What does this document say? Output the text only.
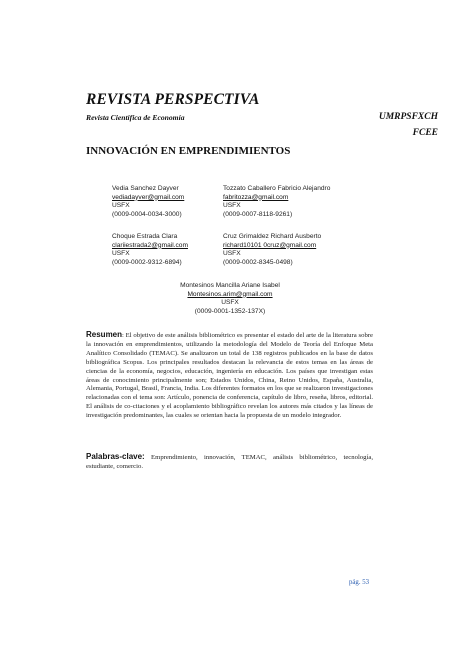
REVISTA PERSPECTIVA
Revista Científica de Economía	UMRPSFXCH
FCEE
INNOVACIÓN EN EMPRENDIMIENTOS
Vedia Sanchez Dayver
vediadayver@gmail.com
USFX
(0009-0004-0034-3000)
Tozzato Caballero Fabricio Alejandro
fabritozza@gmail.com
USFX
(0009-0007-8118-9261)
Choque Estrada Clara
clariiestrada2@gmail.com
USFX
(0009-0002-9312-6894)
Cruz Grimaldez Richard Ausberto
richard10101 0cruz@gmail.com
USFX
(0009-0002-8345-0498)
Montesinos Mancilla Ariane Isabel
Montesinos.arim@gmail.com
USFX
(0009-0001-1352-137X)
Resumen: El objetivo de este análisis bibliométrico es presentar el estado del arte de la literatura sobre la innovación en emprendimientos, utilizando la metodología del Modelo de Teoría del Enfoque Meta Analítico Consolidado (TEMAC). Se analizaron un total de 138 registros publicados en la base de datos bibliográfica Scopus. Los principales resultados destacan la relevancia de estos temas en las áreas de ciencias de la economía, negocios, educación, ingeniería en educación. Los países que investigan estas áreas de conocimiento principalmente son; Estados Unidos, China, Reino Unidos, España, Australia, Alemania, Portugal, Brasil, Francia, India. Los diferentes formatos en los que se realizaron investigaciones relacionadas con el tema son: Artículo, ponencia de conferencia, capítulo de libro, reseña, libros, editorial. El análisis de co-citaciones y el acoplamiento bibliográfico revelan los autores más citados y las líneas de investigación predominantes, las cuales se orientan hacia la propuesta de un modelo integrador.
Palabras-clave: Emprendimiento, innovación, TEMAC, análisis bibliométrico, tecnología, estudiante, comercio.
pág. 53
